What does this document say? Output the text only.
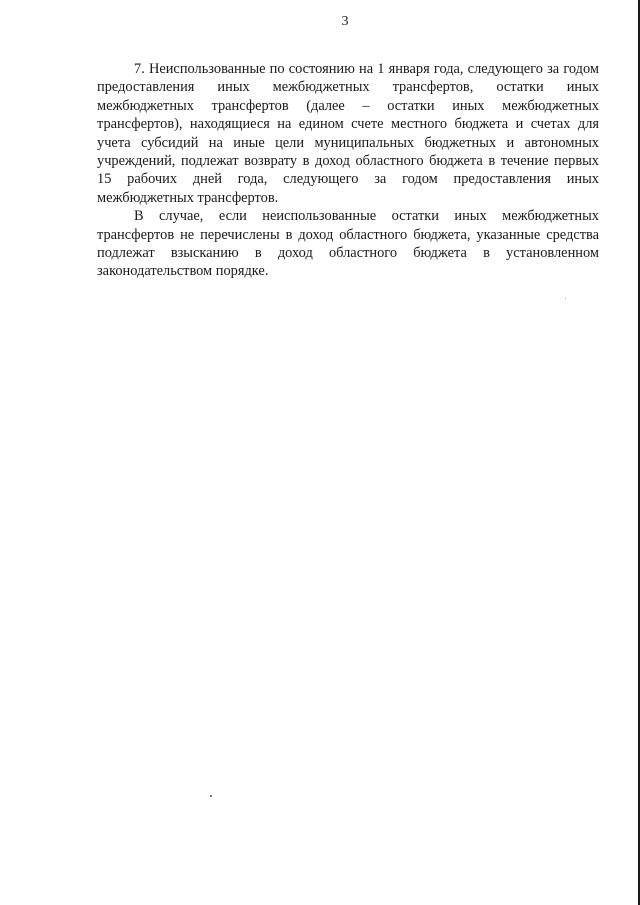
3

7. Неиспользованные по состоянию на 1 января года, следующего за годом предоставления иных межбюджетных трансфертов, остатки иных межбюджетных трансфертов (далее – остатки иных межбюджетных трансфертов), находящиеся на едином счете местного бюджета и счетах для учета субсидий на иные цели муниципальных бюджетных и автономных учреждений, подлежат возврату в доход областного бюджета в течение первых 15 рабочих дней года, следующего за годом предоставления иных межбюджетных трансфертов.

В случае, если неиспользованные остатки иных межбюджетных трансфертов не перечислены в доход областного бюджета, указанные средства подлежат взысканию в доход областного бюджета в установленном законодательством порядке.
